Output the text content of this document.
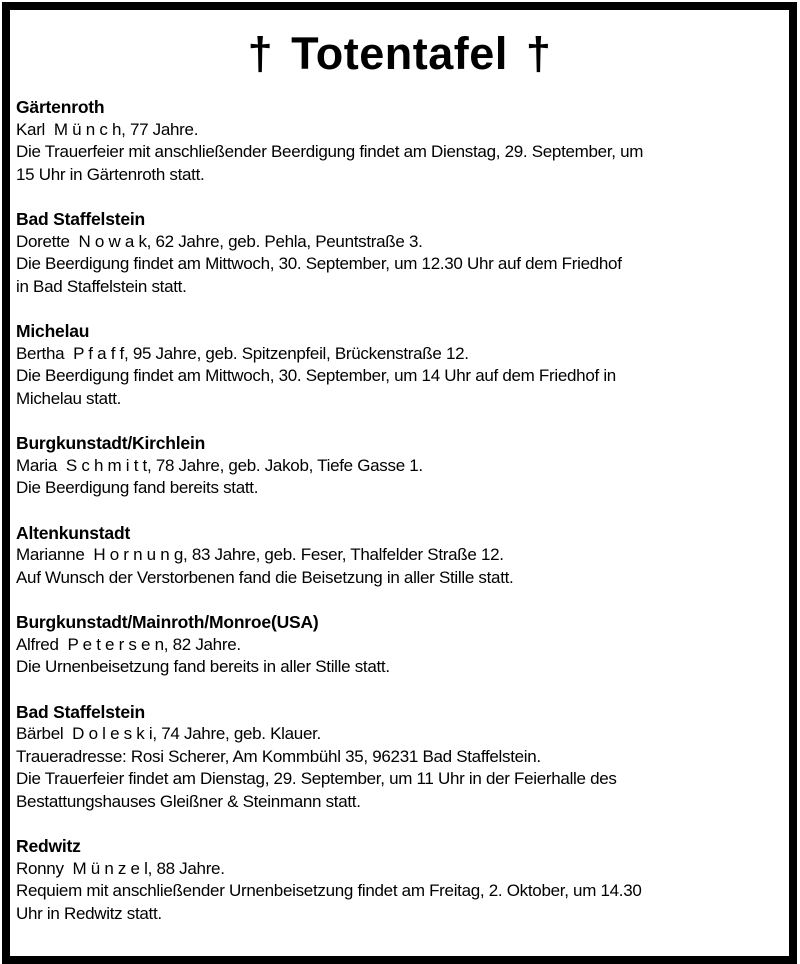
† Totentafel †
Gärtenroth
Karl  M ü n c h, 77 Jahre.
Die Trauerfeier mit anschließender Beerdigung findet am Dienstag, 29. September, um
15 Uhr in Gärtenroth statt.
Bad Staffelstein
Dorette  N o w a k, 62 Jahre, geb. Pehla, Peuntstraße 3.
Die Beerdigung findet am Mittwoch, 30. September, um 12.30 Uhr auf dem Friedhof
in Bad Staffelstein statt.
Michelau
Bertha  P f a f f, 95 Jahre, geb. Spitzenpfeil, Brückenstraße 12.
Die Beerdigung findet am Mittwoch, 30. September, um 14 Uhr auf dem Friedhof in
Michelau statt.
Burgkunstadt/Kirchlein
Maria  S c h m i t t, 78 Jahre, geb. Jakob, Tiefe Gasse 1.
Die Beerdigung fand bereits statt.
Altenkunstadt
Marianne  H o r n u n g, 83 Jahre, geb. Feser, Thalfelder Straße 12.
Auf Wunsch der Verstorbenen fand die Beisetzung in aller Stille statt.
Burgkunstadt/Mainroth/Monroe(USA)
Alfred  P e t e r s e n, 82 Jahre.
Die Urnenbeisetzung fand bereits in aller Stille statt.
Bad Staffelstein
Bärbel  D o l e s k i, 74 Jahre, geb. Klauer.
Traueradresse: Rosi Scherer, Am Kommbühl 35, 96231 Bad Staffelstein.
Die Trauerfeier findet am Dienstag, 29. September, um 11 Uhr in der Feierhalle des
Bestattungshauses Gleißner & Steinmann statt.
Redwitz
Ronny  M ü n z e l, 88 Jahre.
Requiem mit anschließender Urnenbeisetzung findet am Freitag, 2. Oktober, um 14.30
Uhr in Redwitz statt.
